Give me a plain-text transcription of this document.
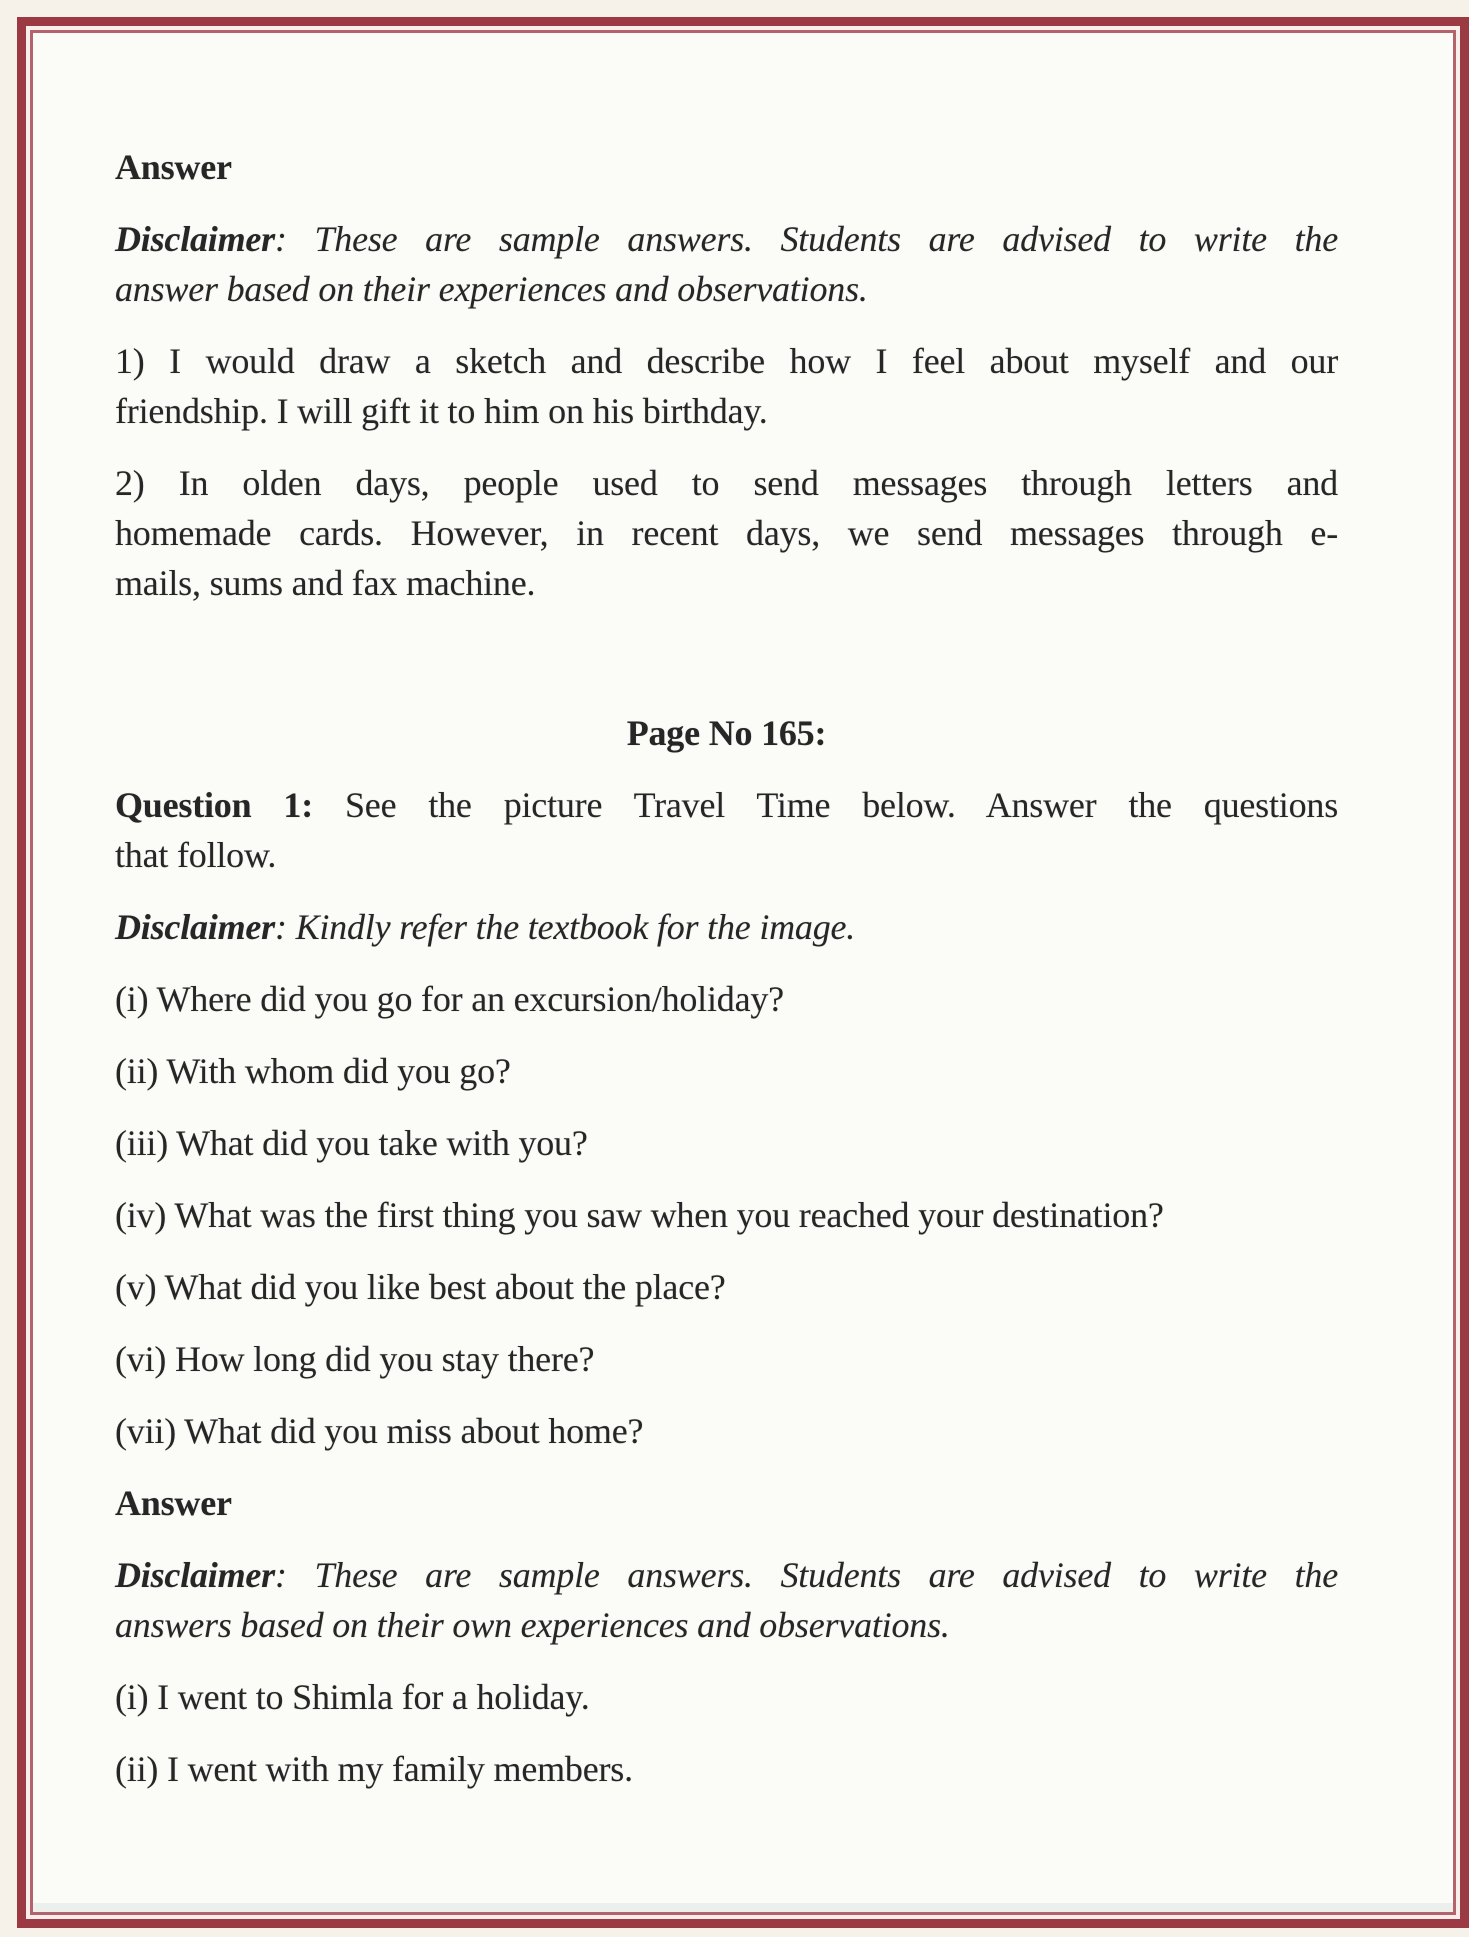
Answer

Disclaimer: These are sample answers. Students are advised to write the
answer based on their experiences and observations.
1) I would draw a sketch and describe how I feel about myself and our
friendship. I will gift it to him on his birthday.
2) In olden days, people used to send messages through letters and
homemade cards. However, in recent days, we send messages through e-
mails, sums and fax machine.

Page No 165:

Question 1: See the picture Travel Time below. Answer the questions
that follow.

Disclaimer: Kindly refer the textbook for the image.

(i) Where did you go for an excursion/holiday?

(ii) With whom did you go?

(iii) What did you take with you?

(iv) What was the first thing you saw when you reached your destination?

(v) What did you like best about the place?

(vi) How long did you stay there?

(vii) What did you miss about home?

Answer

Disclaimer: These are sample answers. Students are advised to write the
answers based on their own experiences and observations.

(i) I went to Shimla for a holiday.

(ii) I went with my family members.
